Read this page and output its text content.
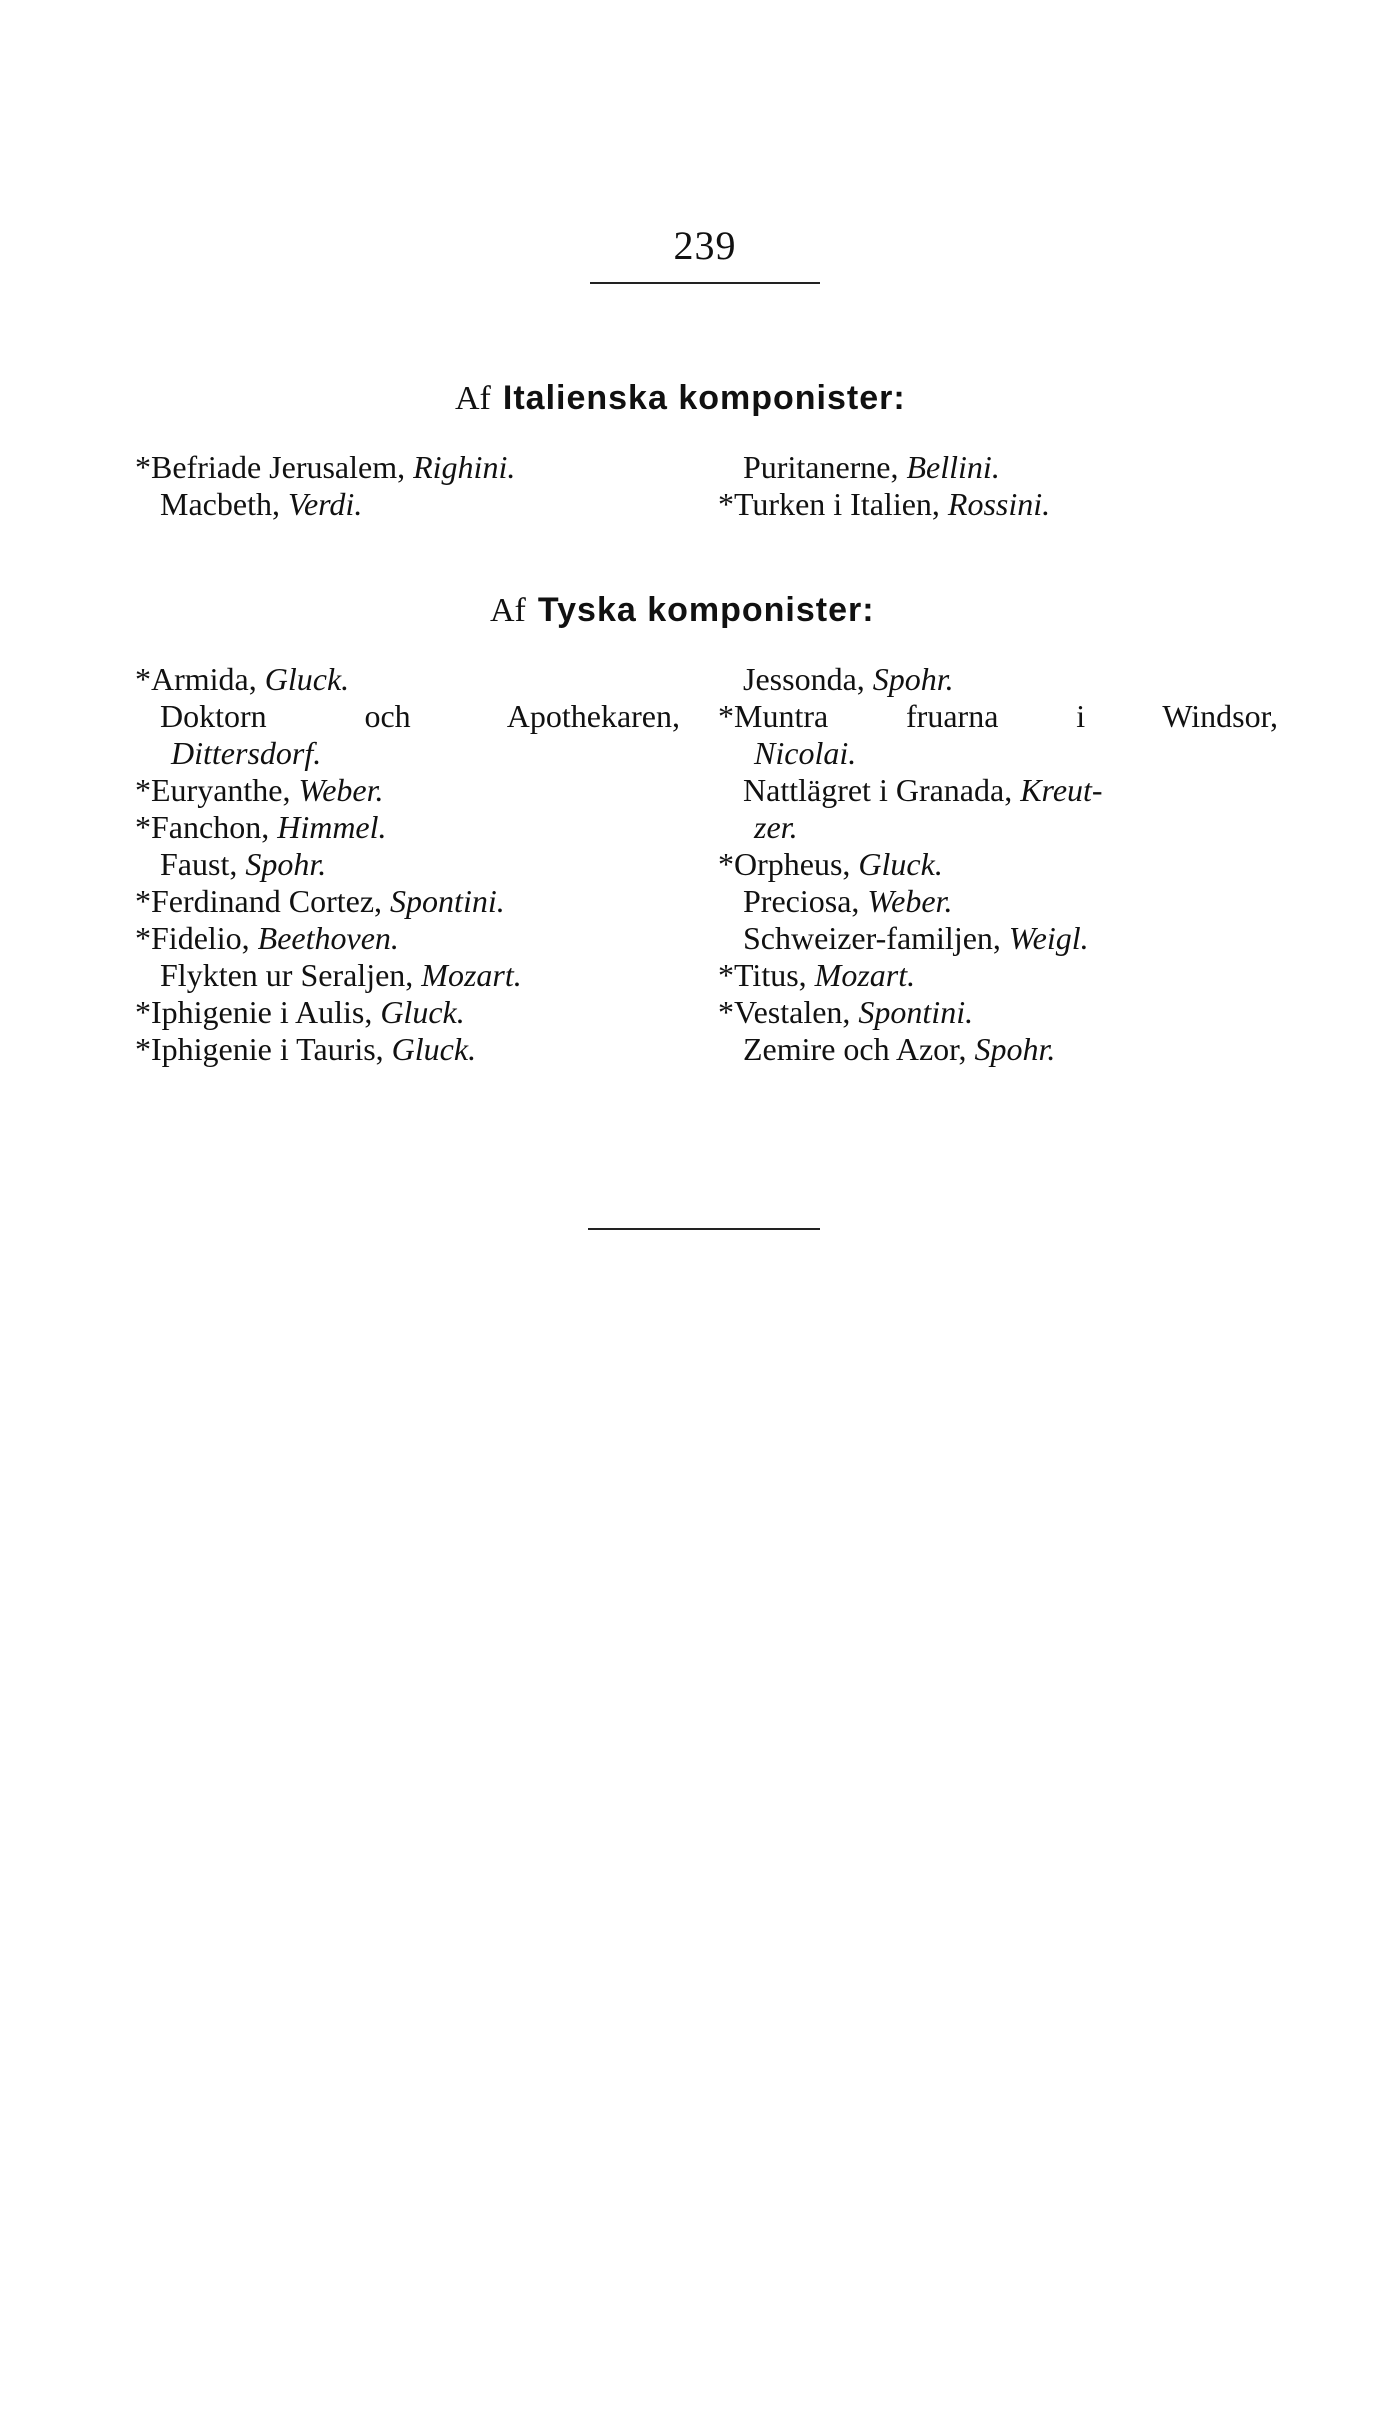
239
Af Italienska komponister:
*Befriade Jerusalem, Righini.
Macbeth, Verdi.
Puritanerne, Bellini.
*Turken i Italien, Rossini.
Af Tyska komponister:
*Armida, Gluck.
Doktorn och Apothekaren,
Dittersdorf.
*Euryanthe, Weber.
*Fanchon, Himmel.
Faust, Spohr.
*Ferdinand Cortez, Spontini.
*Fidelio, Beethoven.
Flykten ur Seraljen, Mozart.
*Iphigenie i Aulis, Gluck.
*Iphigenie i Tauris, Gluck.
Jessonda, Spohr.
*Muntra fruarna i Windsor,
Nicolai.
Nattlägret i Granada, Kreut-
zer.
*Orpheus, Gluck.
Preciosa, Weber.
Schweizer-familjen, Weigl.
*Titus, Mozart.
*Vestalen, Spontini.
Zemire och Azor, Spohr.
